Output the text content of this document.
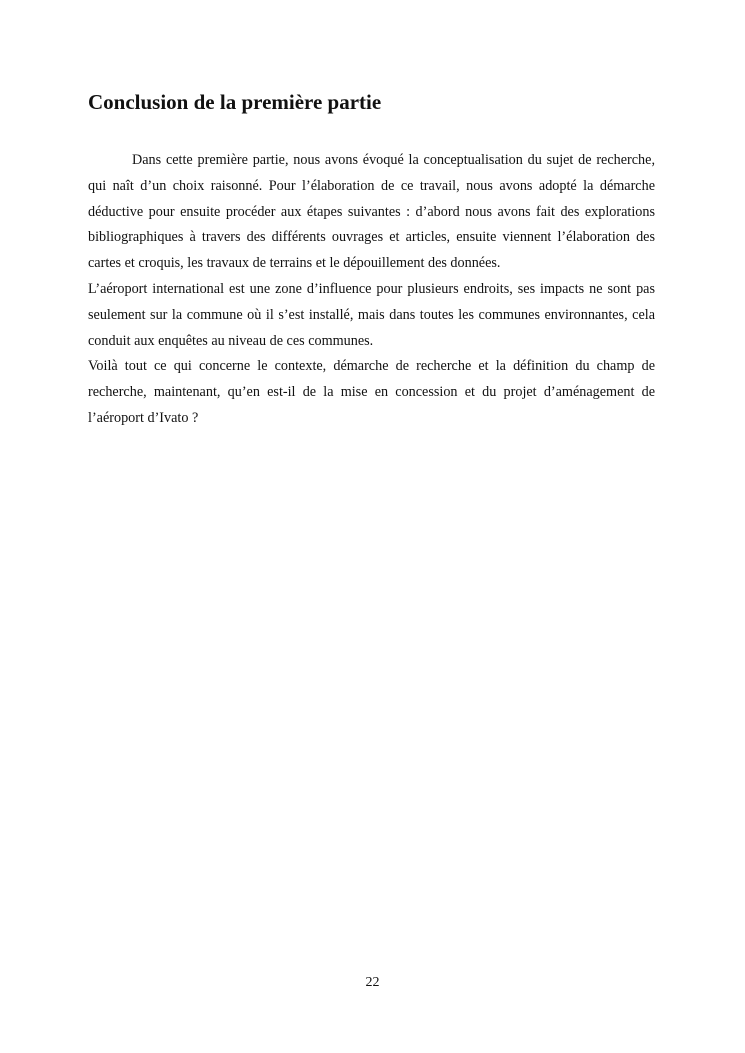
Conclusion de la première partie

Dans cette première partie, nous avons évoqué la conceptualisation du sujet de recherche, qui naît d’un choix raisonné. Pour l’élaboration de ce travail, nous avons adopté la démarche déductive pour ensuite procéder aux étapes suivantes : d’abord nous avons fait des explorations bibliographiques à travers des différents ouvrages et articles, ensuite viennent l’élaboration des cartes et croquis, les travaux de terrains et le dépouillement des données.

L’aéroport international est une zone d’influence pour plusieurs endroits, ses impacts ne sont pas seulement sur la commune où il s’est installé, mais dans toutes les communes environnantes, cela conduit aux enquêtes au niveau de ces communes.

Voilà tout ce qui concerne le contexte, démarche de recherche et la définition du champ de recherche, maintenant, qu’en est-il de la mise en concession et du projet d’aménagement de l’aéroport d’Ivato ?

22
